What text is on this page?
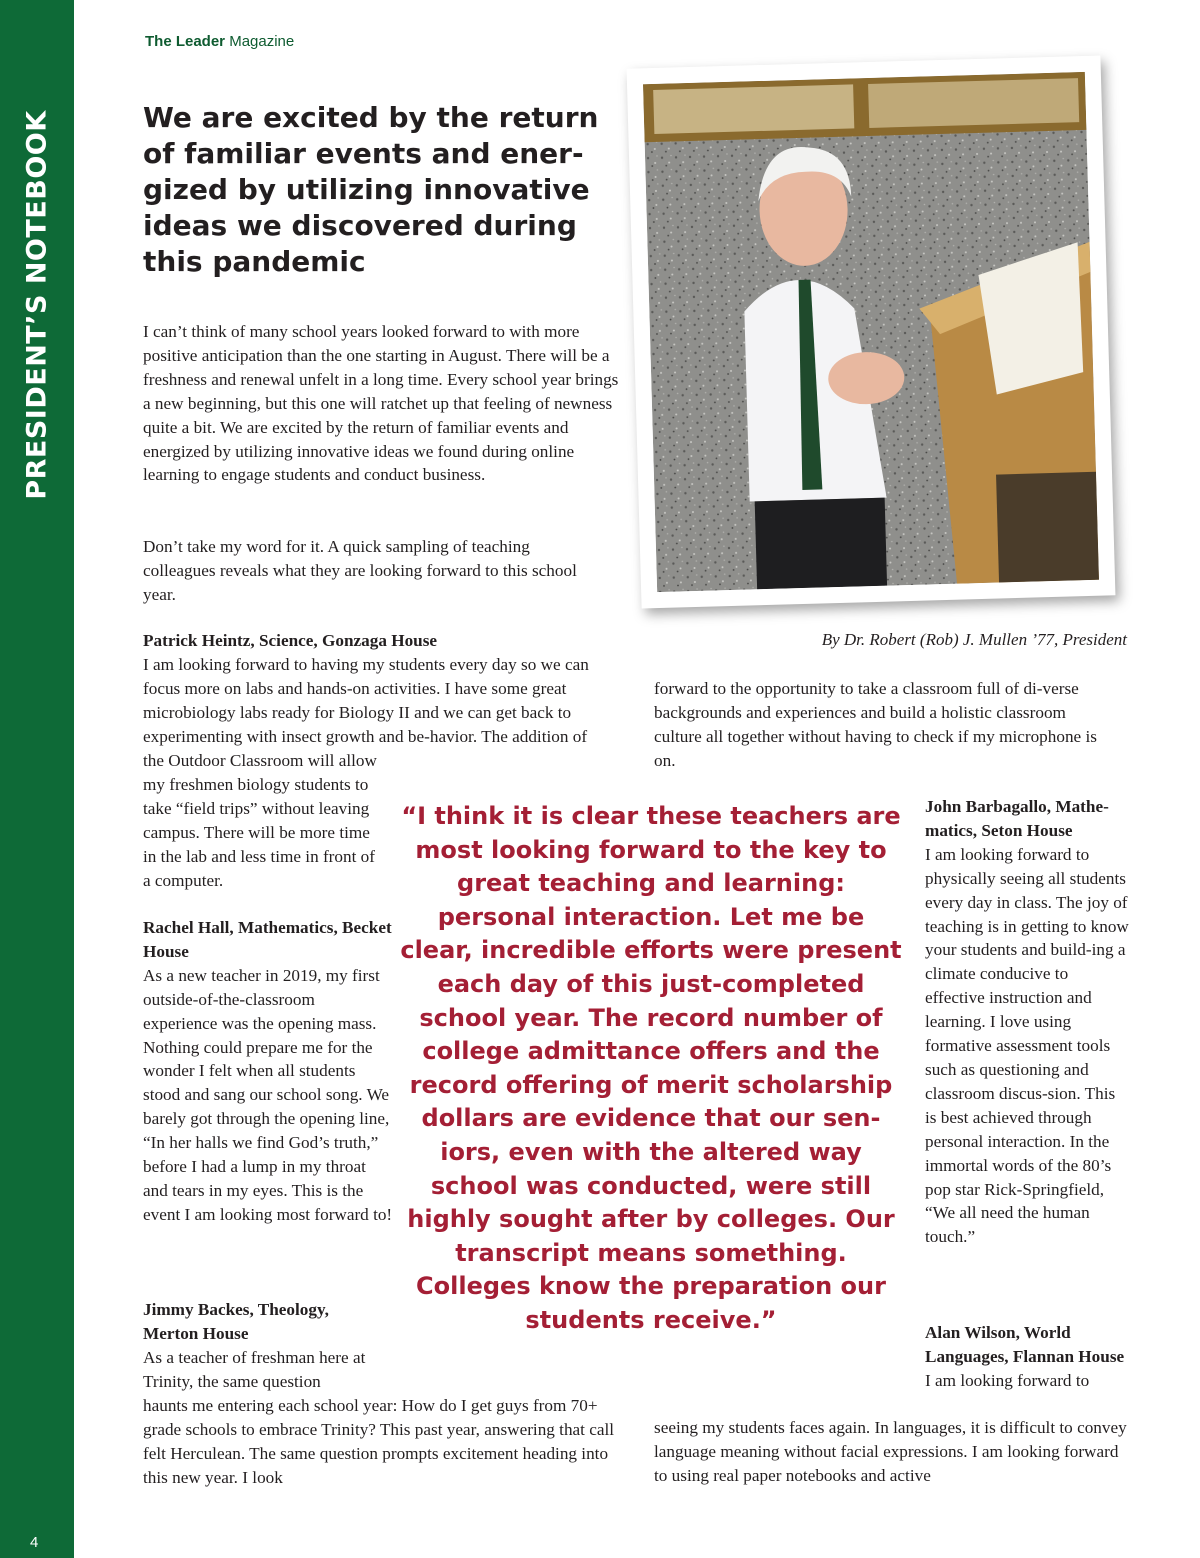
PRESIDENT’S NOTEBOOK
4
The Leader Magazine
We are excited by the return of familiar events and ener-gized by utilizing innovative ideas we discovered during this pandemic
By Dr. Robert (Rob) J. Mullen ’77, President

I can’t think of many school years looked forward to with more positive anticipation than the one starting in August. There will be a freshness and renewal unfelt in a long time. Every school year brings a new beginning, but this one will ratchet up that feeling of newness quite a bit. We are excited by the return of familiar events and energized by utilizing innovative ideas we found during online learning to engage students and conduct business.

Don’t take my word for it. A quick sampling of teaching colleagues reveals what they are looking forward to this school year.

Patrick Heintz, Science, Gonzaga House
I am looking forward to having my students every day so we can focus more on labs and hands-on activities. I have some great microbiology labs ready for Biology II and we can get back to experimenting with insect growth and be-havior. The addition of the Outdoor Classroom will allow

my freshmen biology students to take “field trips” without leaving campus. There will be more time in the lab and less time in front of a computer.

Rachel Hall, Mathematics, Becket House
As a new teacher in 2019, my first outside-of-the-classroom experience was the opening mass. Nothing could prepare me for the wonder I felt when all students stood and sang our school song. We barely got through the opening line, “In her halls we find God’s truth,” before I had a lump in my throat and tears in my eyes. This is the event I am looking most forward to!

Jimmy Backes, Theology, Merton House
As a teacher of freshman here at Trinity, the same question

haunts me entering each school year: How do I get guys from 70+ grade schools to embrace Trinity? This past year, answering that call felt Herculean. The same question prompts excitement heading into this new year. I look

forward to the opportunity to take a classroom full of di-verse backgrounds and experiences and build a holistic classroom culture all together without having to check if my microphone is on.

John Barbagallo, Mathe-matics, Seton House
I am looking forward to physically seeing all students every day in class. The joy of teaching is in getting to know your students and build-ing a climate conducive to effective instruction and learning. I love using formative assessment tools such as questioning and classroom discus-sion. This is best achieved through personal interaction. In the immortal words of the 80’s pop star Rick-Springfield, “We all need the human touch.”

Alan Wilson, World Languages, Flannan House
I am looking forward to

seeing my students faces again. In languages, it is difficult to convey language meaning without facial expressions. I am looking forward to using real paper notebooks and active

“I think it is clear these teachers are most looking forward to the key to great teaching and learning: personal interaction. Let me be clear, incredible efforts were present each day of this just-completed school year. The record number of college admittance offers and the record offering of merit scholarship dollars are evidence that our sen-iors, even with the altered way school was conducted, were still highly sought after by colleges. Our transcript means something. Colleges know the preparation our students receive.”
